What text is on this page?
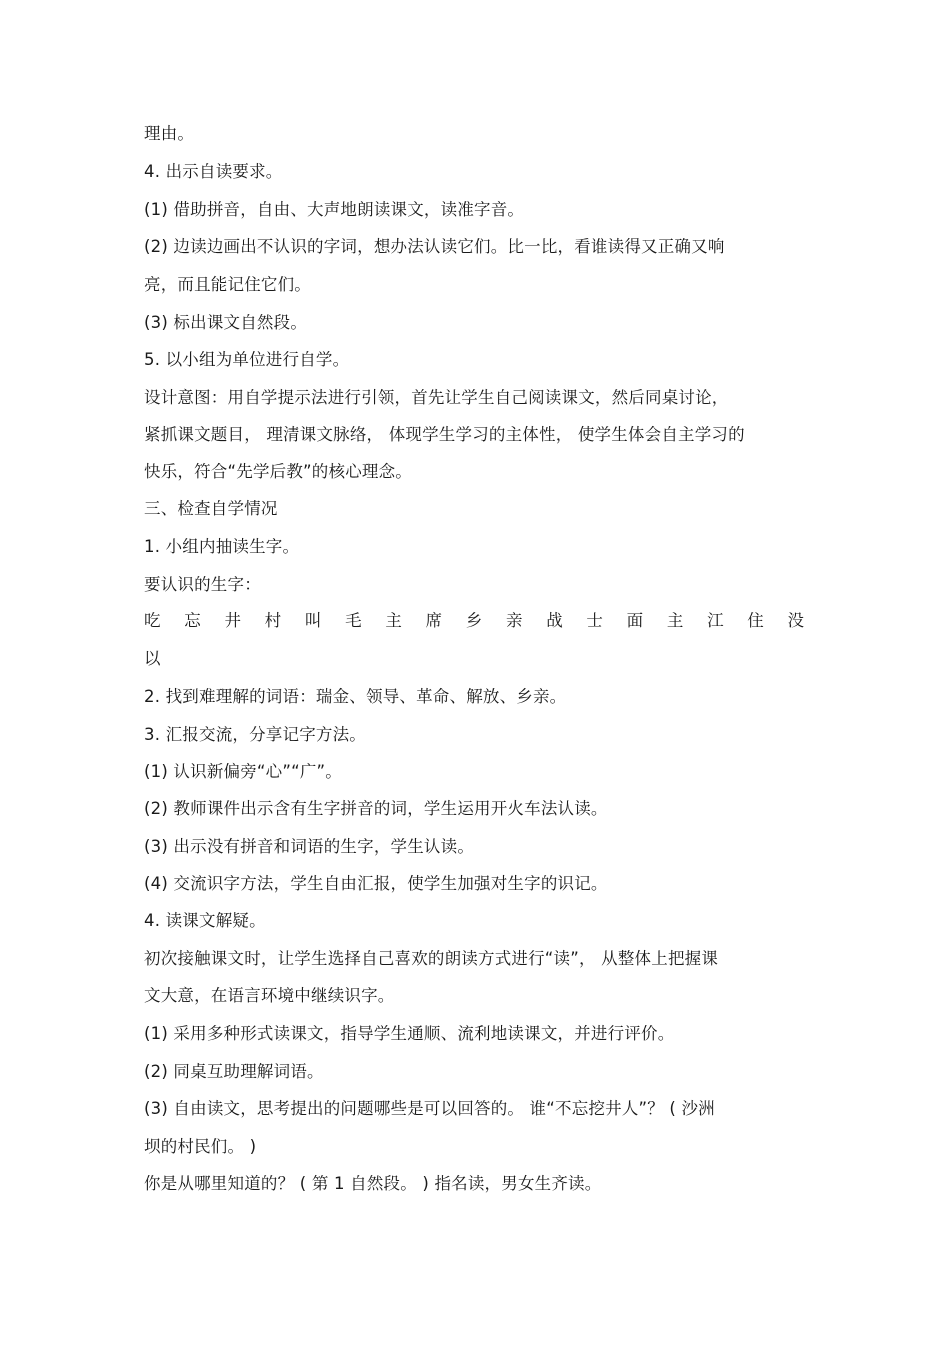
理由。
4. 出示自读要求。
(1) 借助拼音，自由、大声地朗读课文，读准字音。
(2) 边读边画出不认识的字词，想办法认读它们。比一比，看谁读得又正确又响
亮，而且能记住它们。
(3) 标出课文自然段。
5. 以小组为单位进行自学。
设计意图：用自学提示法进行引领，首先让学生自己阅读课文，然后同桌讨论，
紧抓课文题目， 理清课文脉络， 体现学生学习的主体性， 使学生体会自主学习的
快乐，符合“先学后教”的核心理念。
三、检查自学情况
1. 小组内抽读生字。
要认识的生字：
吃 忘 井 村 叫 毛 主 席 乡 亲 战 士 面 主 江 住 没
以
2. 找到难理解的词语：瑞金、领导、革命、解放、乡亲。
3. 汇报交流，分享记字方法。
(1) 认识新偏旁“心”“广”。
(2) 教师课件出示含有生字拼音的词，学生运用开火车法认读。
(3) 出示没有拼音和词语的生字，学生认读。
(4) 交流识字方法，学生自由汇报，使学生加强对生字的识记。
4. 读课文解疑。
初次接触课文时，让学生选择自己喜欢的朗读方式进行“读”， 从整体上把握课
文大意，在语言环境中继续识字。
(1) 采用多种形式读课文，指导学生通顺、流利地读课文，并进行评价。
(2) 同桌互助理解词语。
(3) 自由读文，思考提出的问题哪些是可以回答的。 谁“不忘挖井人”？ ( 沙洲
坝的村民们。 )
你是从哪里知道的？ ( 第 1 自然段。 ) 指名读，男女生齐读。
